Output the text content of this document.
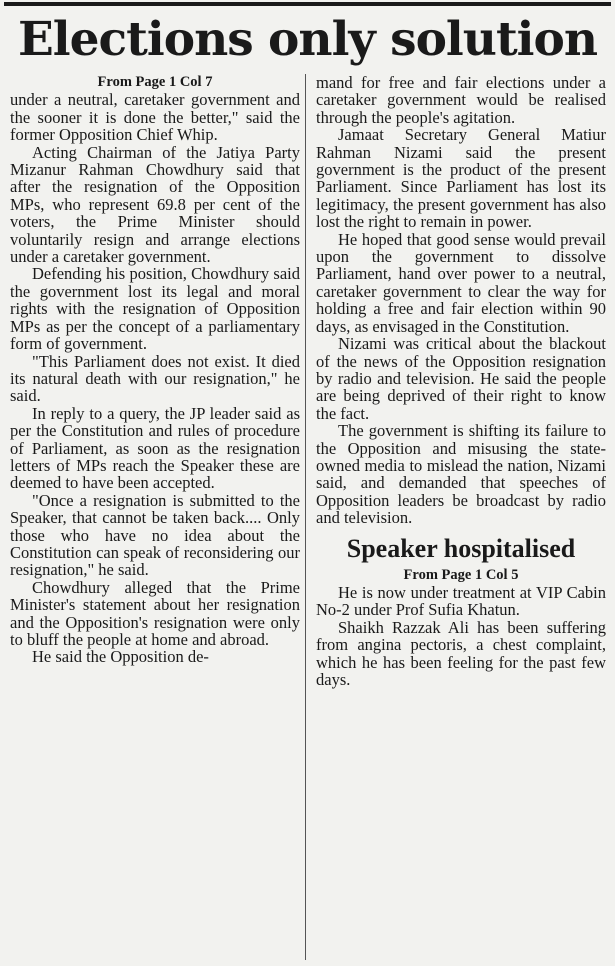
Elections only solution

From Page 1 Col 7

under a neutral, caretaker government and the sooner it is done the better," said the former Opposition Chief Whip.

Acting Chairman of the Jatiya Party Mizanur Rahman Chowdhury said that after the resignation of the Opposition MPs, who represent 69.8 per cent of the voters, the Prime Minister should voluntarily resign and arrange elections under a caretaker government.

Defending his position, Chowdhury said the government lost its legal and moral rights with the resignation of Opposition MPs as per the concept of a parliamentary form of government.

"This Parliament does not exist. It died its natural death with our resignation," he said.

In reply to a query, the JP leader said as per the Constitution and rules of procedure of Parliament, as soon as the resignation letters of MPs reach the Speaker these are deemed to have been accepted.

"Once a resignation is submitted to the Speaker, that cannot be taken back.... Only those who have no idea about the Constitution can speak of reconsidering our resignation," he said.

Chowdhury alleged that the Prime Minister's statement about her resignation and the Opposition's resignation were only to bluff the people at home and abroad.

He said the Opposition de-

mand for free and fair elections under a caretaker government would be realised through the people's agitation.

Jamaat Secretary General Matiur Rahman Nizami said the present government is the product of the present Parliament. Since Parliament has lost its legitimacy, the present government has also lost the right to remain in power.

He hoped that good sense would prevail upon the government to dissolve Parliament, hand over power to a neutral, caretaker government to clear the way for holding a free and fair election within 90 days, as envisaged in the Constitution.

Nizami was critical about the blackout of the news of the Opposition resignation by radio and television. He said the people are being deprived of their right to know the fact.

The government is shifting its failure to the Opposition and misusing the state-owned media to mislead the nation, Nizami said, and demanded that speeches of Opposition leaders be broadcast by radio and television.

Speaker hospitalised

From Page 1 Col 5

He is now under treatment at VIP Cabin No-2 under Prof Sufia Khatun.

Shaikh Razzak Ali has been suffering from angina pectoris, a chest complaint, which he has been feeling for the past few days.
